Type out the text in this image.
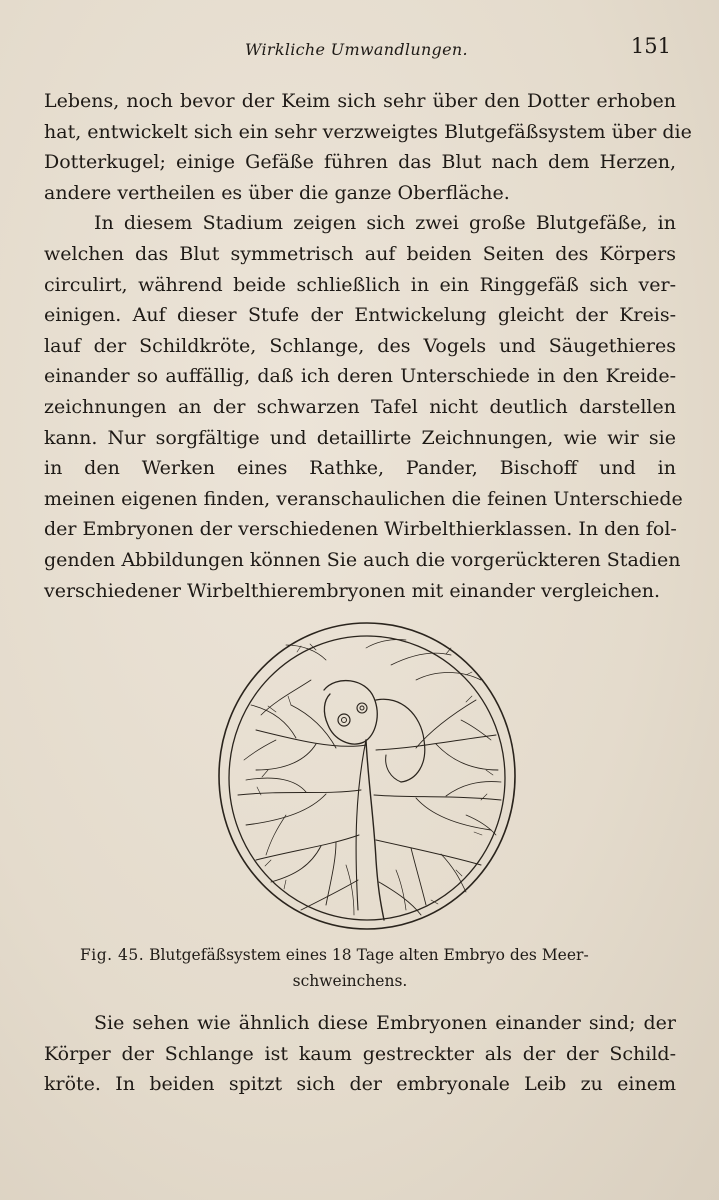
Wirkliche Umwandlungen.	151
Lebens, noch bevor der Keim sich sehr über den Dotter erhoben
hat, entwickelt sich ein sehr verzweigtes Blutgefäßsystem über die
Dotterkugel; einige Gefäße führen das Blut nach dem Herzen,
andere vertheilen es über die ganze Oberfläche.
In diesem Stadium zeigen sich zwei große Blutgefäße, in
welchen das Blut symmetrisch auf beiden Seiten des Körpers
circulirt, während beide schließlich in ein Ringgefäß sich ver-
einigen. Auf dieser Stufe der Entwickelung gleicht der Kreis-
lauf der Schildkröte, Schlange, des Vogels und Säugethieres
einander so auffällig, daß ich deren Unterschiede in den Kreide-
zeichnungen an der schwarzen Tafel nicht deutlich darstellen
kann. Nur sorgfältige und detaillirte Zeichnungen, wie wir sie
in den Werken eines Rathke, Pander, Bischoff und in
meinen eigenen finden, veranschaulichen die feinen Unterschiede
der Embryonen der verschiedenen Wirbelthierklassen. In den fol-
genden Abbildungen können Sie auch die vorgerückteren Stadien
verschiedener Wirbelthierembryonen mit einander vergleichen.
Fig. 45. Blutgefäßsystem eines 18 Tage alten Embryo des Meer-
schweinchens.
Sie sehen wie ähnlich diese Embryonen einander sind; der
Körper der Schlange ist kaum gestreckter als der der Schild-
kröte. In beiden spitzt sich der embryonale Leib zu einem
